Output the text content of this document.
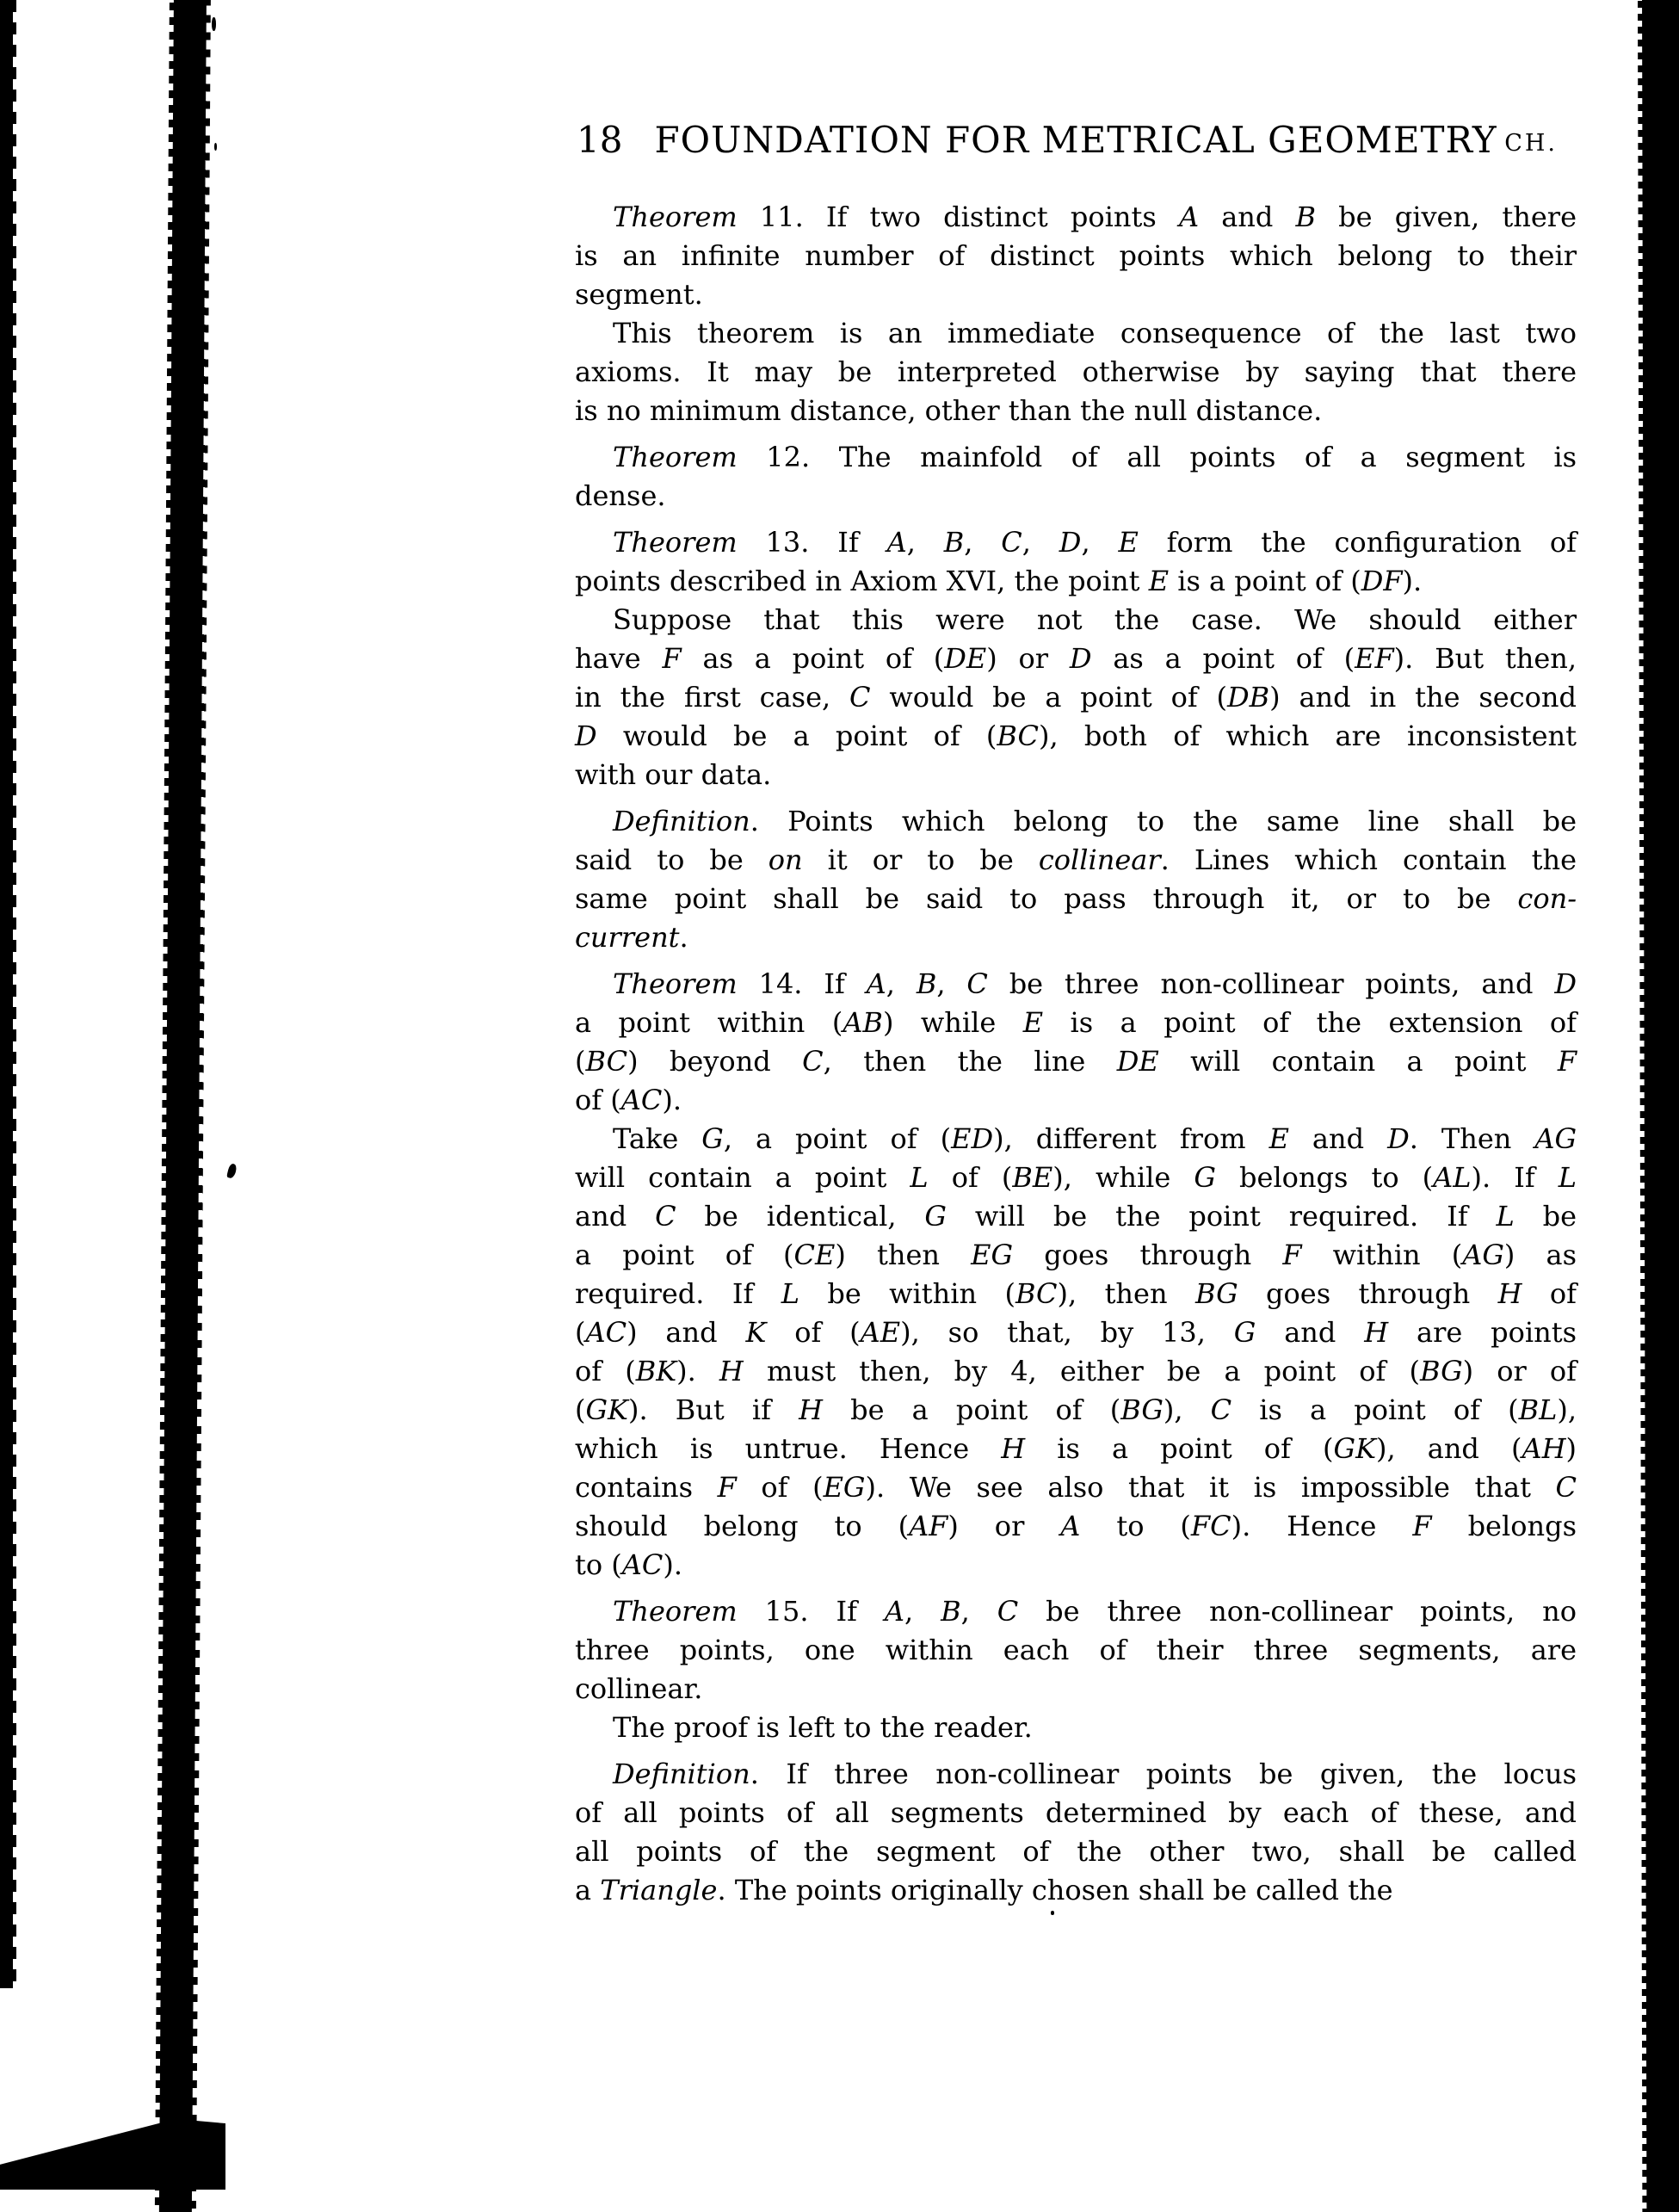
18 FOUNDATION FOR METRICAL GEOMETRY CH.
Theorem 11. If two distinct points A and B be given, there
is an infinite number of distinct points which belong to their
segment.
This theorem is an immediate consequence of the last two
axioms. It may be interpreted otherwise by saying that there
is no minimum distance, other than the null distance.
Theorem 12. The mainfold of all points of a segment is
dense.
Theorem 13. If A, B, C, D, E form the configuration of
points described in Axiom XVI, the point E is a point of (DF).
Suppose that this were not the case. We should either
have F as a point of (DE) or D as a point of (EF). But then,
in the first case, C would be a point of (DB) and in the second
D would be a point of (BC), both of which are inconsistent
with our data.
Definition. Points which belong to the same line shall be
said to be on it or to be collinear. Lines which contain the
same point shall be said to pass through it, or to be con-
current.
Theorem 14. If A, B, C be three non-collinear points, and D
a point within (AB) while E is a point of the extension of
(BC) beyond C, then the line DE will contain a point F
of (AC).
Take G, a point of (ED), different from E and D. Then AG
will contain a point L of (BE), while G belongs to (AL). If L
and C be identical, G will be the point required. If L be
a point of (CE) then EG goes through F within (AG) as
required. If L be within (BC), then BG goes through H of
(AC) and K of (AE), so that, by 13, G and H are points
of (BK). H must then, by 4, either be a point of (BG) or of
(GK). But if H be a point of (BG), C is a point of (BL),
which is untrue. Hence H is a point of (GK), and (AH)
contains F of (EG). We see also that it is impossible that C
should belong to (AF) or A to (FC). Hence F belongs
to (AC).
Theorem 15. If A, B, C be three non-collinear points, no
three points, one within each of their three segments, are
collinear.
The proof is left to the reader.
Definition. If three non-collinear points be given, the locus
of all points of all segments determined by each of these, and
all points of the segment of the other two, shall be called
a Triangle. The points originally chosen shall be called the
